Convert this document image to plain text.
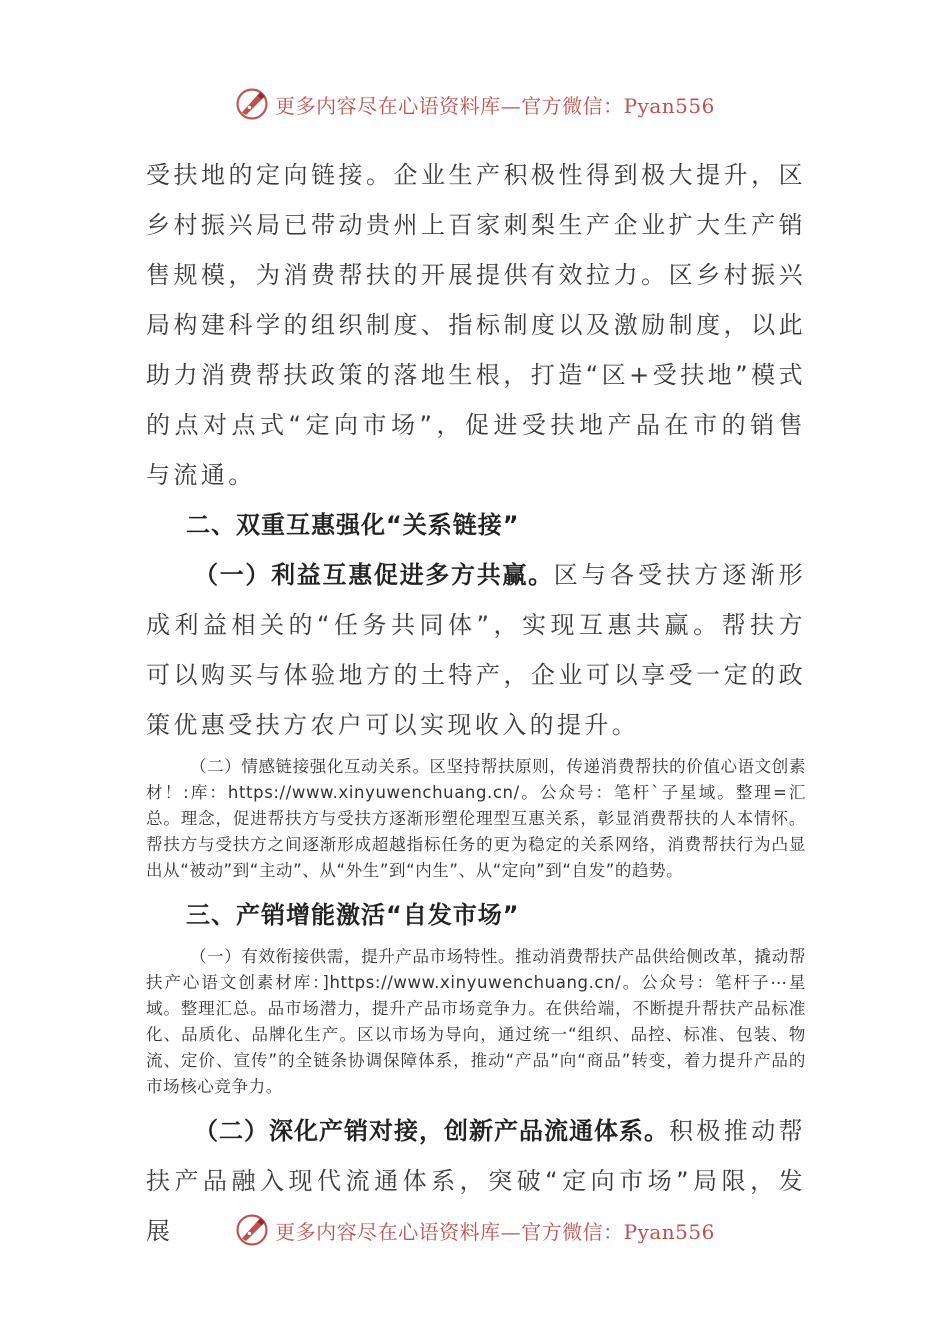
更多内容尽在心语资料库—官方微信：Pyan556

受扶地的定向链接。企业生产积极性得到极大提升，区乡村振兴局已带动贵州上百家刺梨生产企业扩大生产销售规模，为消费帮扶的开展提供有效拉力。区乡村振兴局构建科学的组织制度、指标制度以及激励制度，以此助力消费帮扶政策的落地生根，打造“区+受扶地”模式的点对点式“定向市场”，促进受扶地产品在市的销售与流通。

二、双重互惠强化“关系链接”

（一）利益互惠促进多方共赢。区与各受扶方逐渐形成利益相关的“任务共同体”，实现互惠共赢。帮扶方可以购买与体验地方的土特产，企业可以享受一定的政策优惠受扶方农户可以实现收入的提升。

（二）情感链接强化互动关系。区坚持帮扶原则，传递消费帮扶的价值心语文创素材！:库：https://www.xinyuwenchuang.cn/。公众号：笔杆`子星域。整理=汇总。理念，促进帮扶方与受扶方逐渐形塑伦理型互惠关系，彰显消费帮扶的人本情怀。帮扶方与受扶方之间逐渐形成超越指标任务的更为稳定的关系网络，消费帮扶行为凸显出从“被动”到“主动”、从“外生”到“内生”、从“定向”到“自发”的趋势。

三、产销增能激活“自发市场”

（一）有效衔接供需，提升产品市场特性。推动消费帮扶产品供给侧改革，撬动帮扶产心语文创素材库：]https://www.xinyuwenchuang.cn/。公众号：笔杆子⋯星域。整理汇总。品市场潜力，提升产品市场竞争力。在供给端，不断提升帮扶产品标准化、品质化、品牌化生产。区以市场为导向，通过统一“组织、品控、标准、包装、物流、定价、宣传”的全链条协调保障体系，推动“产品”向“商品”转变，着力提升产品的市场核心竞争力。

（二）深化产销对接，创新产品流通体系。积极推动帮扶产品融入现代流通体系，突破“定向市场”局限，发展	更多内容尽在心语资料库—官方微信：Pyan556
